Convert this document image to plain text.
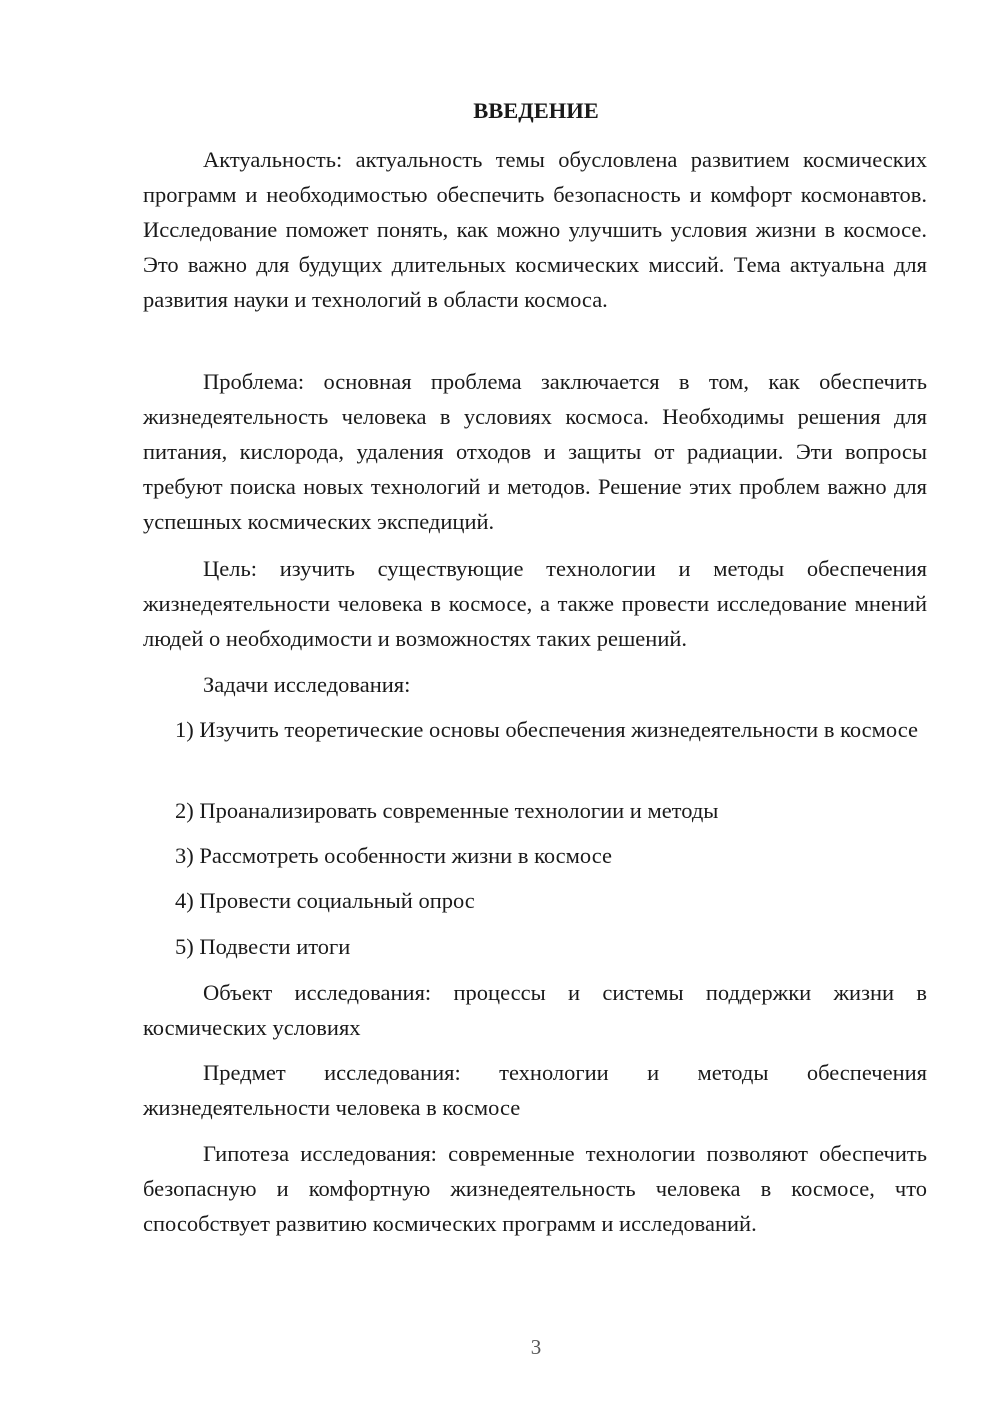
ВВЕДЕНИЕ

Актуальность: актуальность темы обусловлена развитием космических программ и необходимостью обеспечить безопасность и комфорт космонавтов. Исследование поможет понять, как можно улучшить условия жизни в космосе. Это важно для будущих длительных космических миссий. Тема актуальна для развития науки и технологий в области космоса.

Проблема: основная проблема заключается в том, как обеспечить жизнедеятельность человека в условиях космоса. Необходимы решения для питания, кислорода, удаления отходов и защиты от радиации. Эти вопросы требуют поиска новых технологий и методов. Решение этих проблем важно для успешных космических экспедиций.

Цель: изучить существующие технологии и методы обеспечения жизнедеятельности человека в космосе, а также провести исследование мнений людей о необходимости и возможностях таких решений.

Задачи исследования:

1) Изучить теоретические основы обеспечения жизнедеятельности в космосе

2) Проанализировать современные технологии и методы

3) Рассмотреть особенности жизни в космосе

4) Провести социальный опрос

5) Подвести итоги

Объект исследования: процессы и системы поддержки жизни в космических условиях

Предмет исследования: технологии и методы обеспечения жизнедеятельности человека в космосе

Гипотеза исследования: современные технологии позволяют обеспечить безопасную и комфортную жизнедеятельность человека в космосе, что способствует развитию космических программ и исследований.

3
